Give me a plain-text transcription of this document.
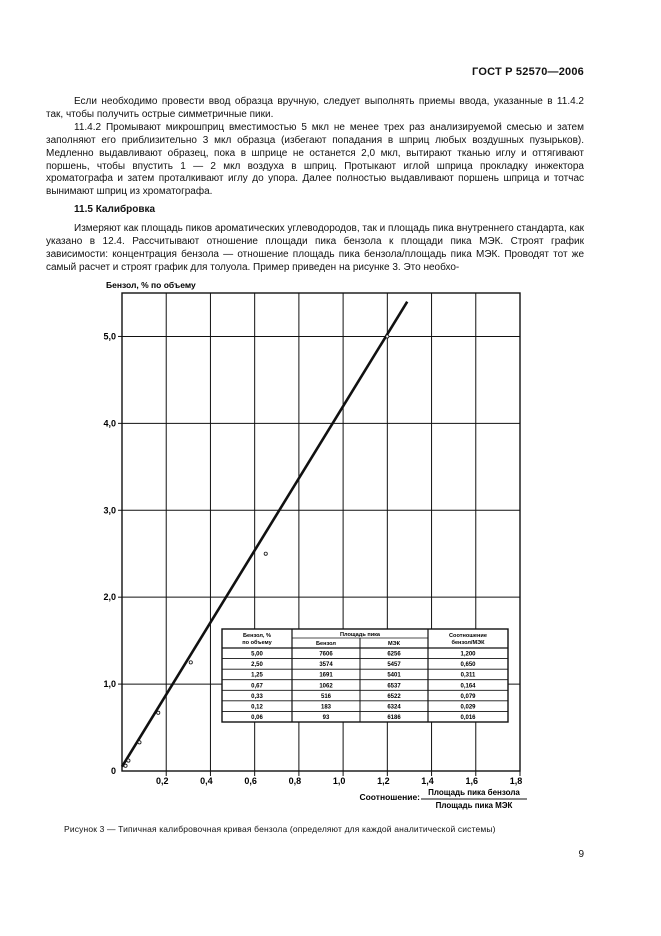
ГОСТ Р 52570—2006

Если необходимо провести ввод образца вручную, следует выполнять приемы ввода, указанные в 11.4.2 так, чтобы получить острые симметричные пики.

11.4.2 Промывают микрошприц вместимостью 5 мкл не менее трех раз анализируемой смесью и затем заполняют его приблизительно 3 мкл образца (избегают попадания в шприц любых воздушных пузырьков). Медленно выдавливают образец, пока в шприце не останется 2,0 мкл, вытирают тканью иглу и оттягивают поршень, чтобы впустить 1 — 2 мкл воздуха в шприц. Протыкают иглой шприца прокладку инжектора хроматографа и затем проталкивают иглу до упора. Далее полностью выдавливают поршень шприца и тотчас вынимают шприц из хроматографа.

11.5 Калибровка

Измеряют как площадь пиков ароматических углеводородов, так и площадь пика внутреннего стандарта, как указано в 12.4. Рассчитывают отношение площади пика бензола к площади пика МЭК. Строят график зависимости: концентрация бензола — отношение площадь пика бензола/площадь пика МЭК. Проводят тот же самый расчет и строят график для толуола. Пример приведен на рисунке 3. Это необхо-

0,2	0,4	0,6	0,8	1,0	1,2	1,4	1,6	1,8
1,0
2,0
3,0
4,0
5,0
0
Бензол, % по объему
Соотношение: Площадь пика бензола
Площадь пика МЭК
Бензол, %
по объему
Площадь пика
Бензол	МЭК
Соотношение
бензол/МЭК
5,00	7606	6256	1,200
2,50	3574	5457	0,650
1,25	1691	5401	0,311
0,67	1062	6537	0,164
0,33	516	6522	0,079
0,12	183	6324	0,029
0,06	93	6186	0,016
Рисунок 3 — Типичная калибровочная кривая бензола (определяют для каждой аналитической системы)
9
